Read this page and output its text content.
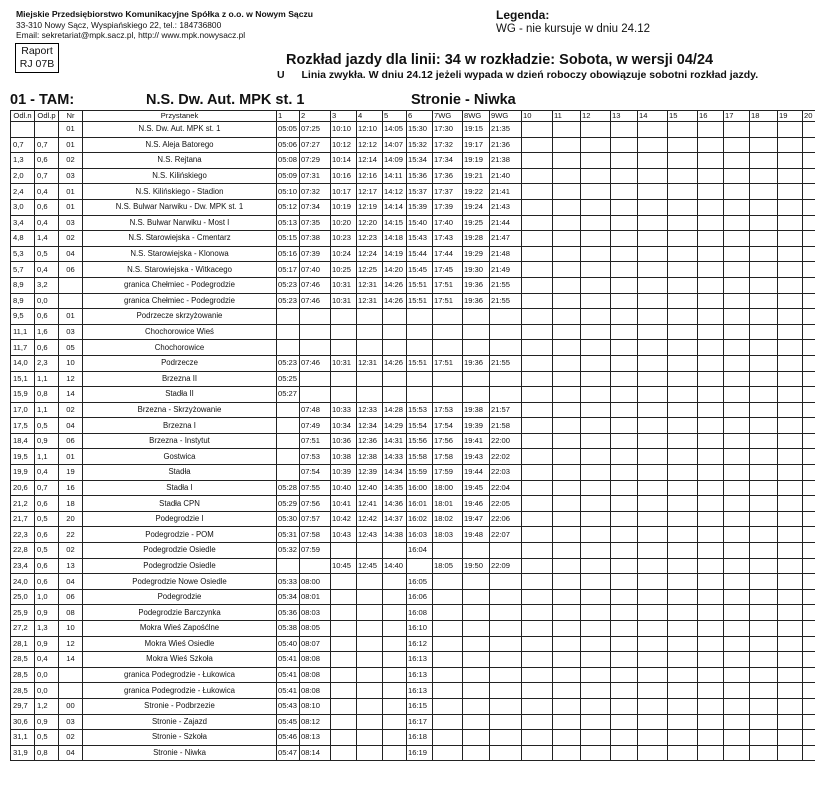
Miejskie Przedsiębiorstwo Komunikacyjne Spółka z o.o. w Nowym Sączu
33-310 Nowy Sącz, Wyspiańskiego 22, tel.: 184736800
Email: sekretariat@mpk.sacz.pl, http:// www.mpk.nowysacz.pl
Legenda:
WG - nie kursuje w dniu 24.12
Raport
RJ 07B	Rozkład jazdy dla linii: 34 w rozkładzie: Sobota, w wersji 04/24
U Linia zwykła. W dniu 24.12 jeżeli wypada w dzień roboczy obowiązuje sobotni rozkład jazdy.
01 - TAM:	N.S. Dw. Aut. MPK st. 1	Stronie - Niwka
Odl.n	Odl.p	Nr	Przystanek	1	2	3	4	5	6	7WG	8WG	9WG	10	11	12	13	14	15	16	17	18	19	20
		01	N.S. Dw. Aut. MPK st. 1	05:05	07:25	10:10	12:10	14:05	15:30	17:30	19:15	21:35											
0,7	0,7	01	N.S. Aleja Batorego	05:06	07:27	10:12	12:12	14:07	15:32	17:32	19:17	21:36											
1,3	0,6	02	N.S. Rejtana	05:08	07:29	10:14	12:14	14:09	15:34	17:34	19:19	21:38											
2,0	0,7	03	N.S. Kilińskiego	05:09	07:31	10:16	12:16	14:11	15:36	17:36	19:21	21:40											
2,4	0,4	01	N.S. Kilińskiego - Stadion	05:10	07:32	10:17	12:17	14:12	15:37	17:37	19:22	21:41											
3,0	0,6	01	N.S. Bulwar Narwiku - Dw. MPK st. 1	05:12	07:34	10:19	12:19	14:14	15:39	17:39	19:24	21:43											
3,4	0,4	03	N.S. Bulwar Narwiku - Most I	05:13	07:35	10:20	12:20	14:15	15:40	17:40	19:25	21:44											
4,8	1,4	02	N.S. Starowiejska - Cmentarz	05:15	07:38	10:23	12:23	14:18	15:43	17:43	19:28	21:47											
5,3	0,5	04	N.S. Starowiejska - Klonowa	05:16	07:39	10:24	12:24	14:19	15:44	17:44	19:29	21:48											
5,7	0,4	06	N.S. Starowiejska - Witkacego	05:17	07:40	10:25	12:25	14:20	15:45	17:45	19:30	21:49											
8,9	3,2		granica Chełmiec - Podegrodzie	05:23	07:46	10:31	12:31	14:26	15:51	17:51	19:36	21:55											
8,9	0,0		granica Chełmiec - Podegrodzie	05:23	07:46	10:31	12:31	14:26	15:51	17:51	19:36	21:55											
9,5	0,6	01	Podrzecze skrzyżowanie																				
11,1	1,6	03	Chochorowice Wieś																				
11,7	0,6	05	Chochorowice																				
14,0	2,3	10	Podrzecze	05:23	07:46	10:31	12:31	14:26	15:51	17:51	19:36	21:55											
15,1	1,1	12	Brzezna II	05:25																			
15,9	0,8	14	Stadła II	05:27																			
17,0	1,1	02	Brzezna - Skrzyżowanie		07:48	10:33	12:33	14:28	15:53	17:53	19:38	21:57											
17,5	0,5	04	Brzezna I		07:49	10:34	12:34	14:29	15:54	17:54	19:39	21:58											
18,4	0,9	06	Brzezna - Instytut		07:51	10:36	12:36	14:31	15:56	17:56	19:41	22:00											
19,5	1,1	01	Gostwica		07:53	10:38	12:38	14:33	15:58	17:58	19:43	22:02											
19,9	0,4	19	Stadła		07:54	10:39	12:39	14:34	15:59	17:59	19:44	22:03											
20,6	0,7	16	Stadła I	05:28	07:55	10:40	12:40	14:35	16:00	18:00	19:45	22:04											
21,2	0,6	18	Stadła CPN	05:29	07:56	10:41	12:41	14:36	16:01	18:01	19:46	22:05											
21,7	0,5	20	Podegrodzie I	05:30	07:57	10:42	12:42	14:37	16:02	18:02	19:47	22:06											
22,3	0,6	22	Podegrodzie - POM	05:31	07:58	10:43	12:43	14:38	16:03	18:03	19:48	22:07											
22,8	0,5	02	Podegrodzie Osiedle	05:32	07:59				16:04														
23,4	0,6	13	Podegrodzie Osiedle			10:45	12:45	14:40		18:05	19:50	22:09											
24,0	0,6	04	Podegrodzie Nowe Osiedle	05:33	08:00				16:05														
25,0	1,0	06	Podegrodzie	05:34	08:01				16:06														
25,9	0,9	08	Podegrodzie Barczynka	05:36	08:03				16:08														
27,2	1,3	10	Mokra Wieś Zapośćlne	05:38	08:05				16:10														
28,1	0,9	12	Mokra Wieś Osiedle	05:40	08:07				16:12														
28,5	0,4	14	Mokra Wieś Szkoła	05:41	08:08				16:13														
28,5	0,0		granica Podegrodzie - Łukowica	05:41	08:08				16:13														
28,5	0,0		granica Podegrodzie - Łukowica	05:41	08:08				16:13														
29,7	1,2	00	Stronie - Podbrzezie	05:43	08:10				16:15														
30,6	0,9	03	Stronie - Zajazd	05:45	08:12				16:17														
31,1	0,5	02	Stronie - Szkoła	05:46	08:13				16:18														
31,9	0,8	04	Stronie - Niwka	05:47	08:14				16:19														
